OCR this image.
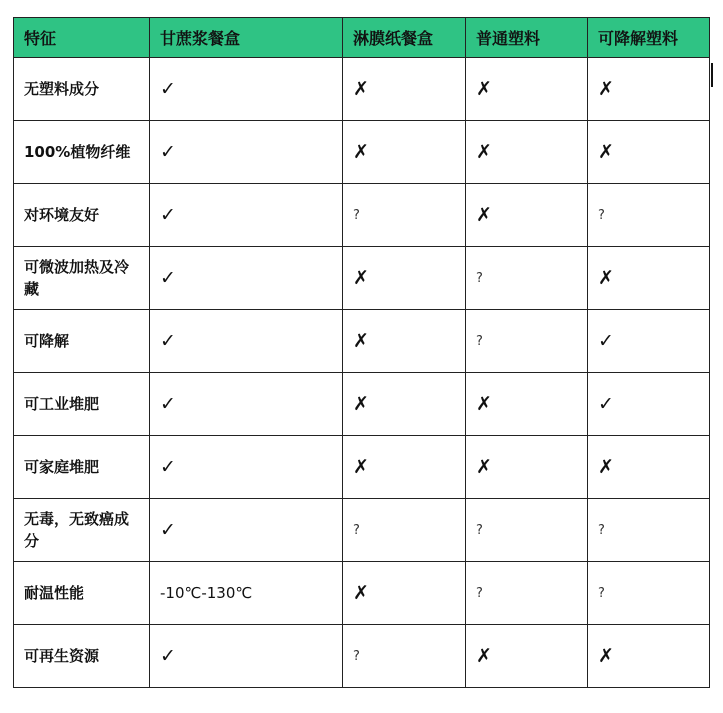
特征	甘蔗浆餐盒	淋膜纸餐盒	普通塑料	可降解塑料
无塑料成分	✓	✗	✗	✗
100%植物纤维	✓	✗	✗	✗
对环境友好	✓	?	✗	?
可微波加热及冷藏	✓	✗	?	✗
可降解	✓	✗	?	✓
可工业堆肥	✓	✗	✗	✓
可家庭堆肥	✓	✗	✗	✗
无毒，无致癌成分	✓	?	?	?
耐温性能	-10℃-130℃	✗	?	?
可再生资源	✓	?	✗	✗
